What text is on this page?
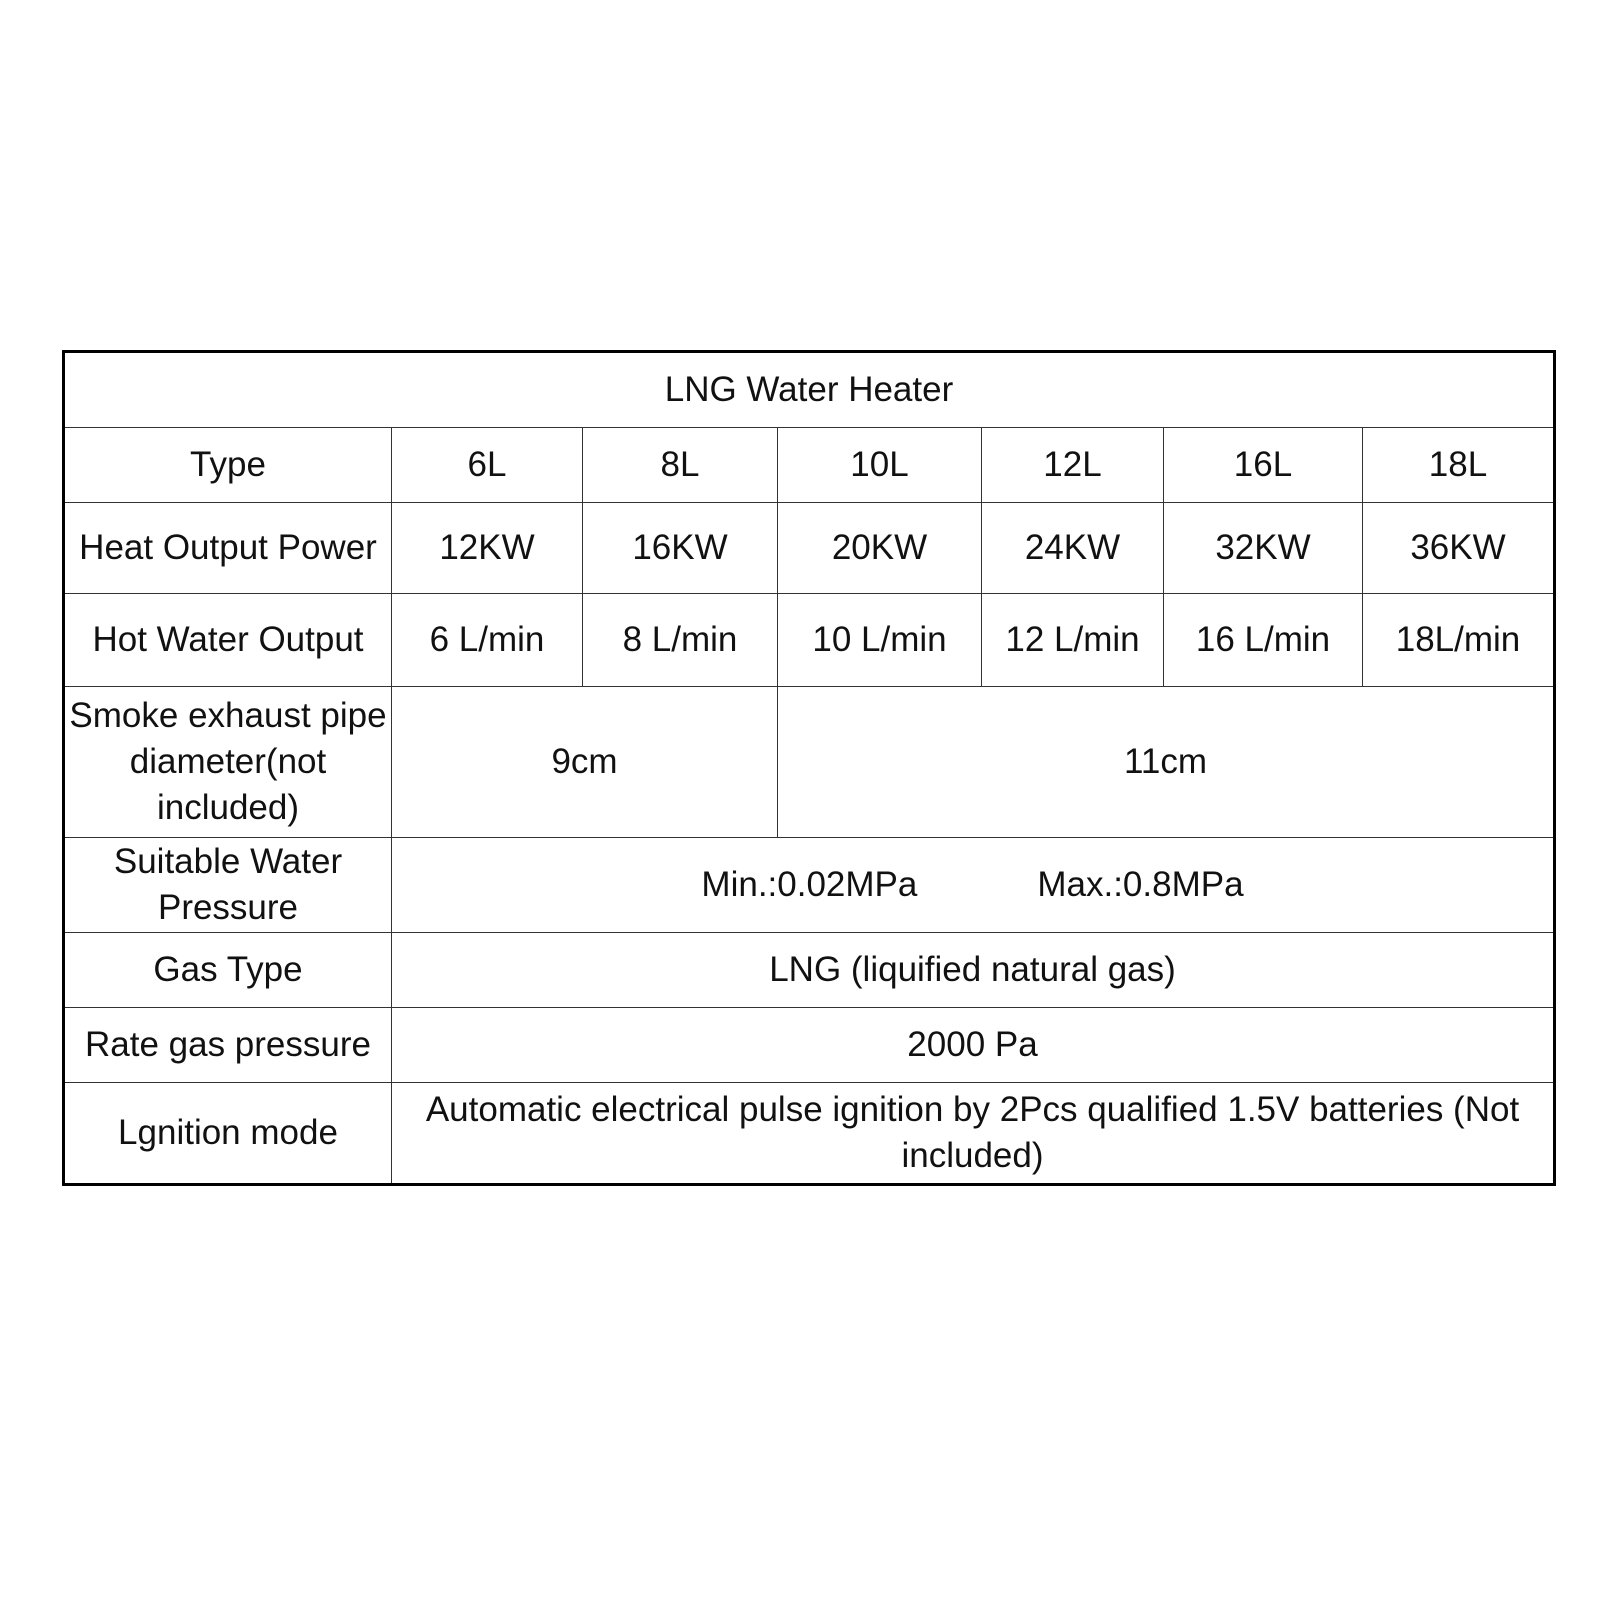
LNG Water Heater						
Type	6L	8L	10L	12L	16L	18L
Heat Output Power	12KW	16KW	20KW	24KW	32KW	36KW
Hot Water Output	6 L/min	8 L/min	10 L/min	12 L/min	16 L/min	18L/min
Smoke exhaust pipe diameter(not included)	9cm		11cm			
Suitable Water Pressure	Min.:0.02MPa Max.:0.8MPa					
Gas Type	LNG (liquified natural gas)					
Rate gas pressure	2000 Pa					
Lgnition mode	Automatic electrical pulse ignition by 2Pcs qualified 1.5V batteries (Not included)					
